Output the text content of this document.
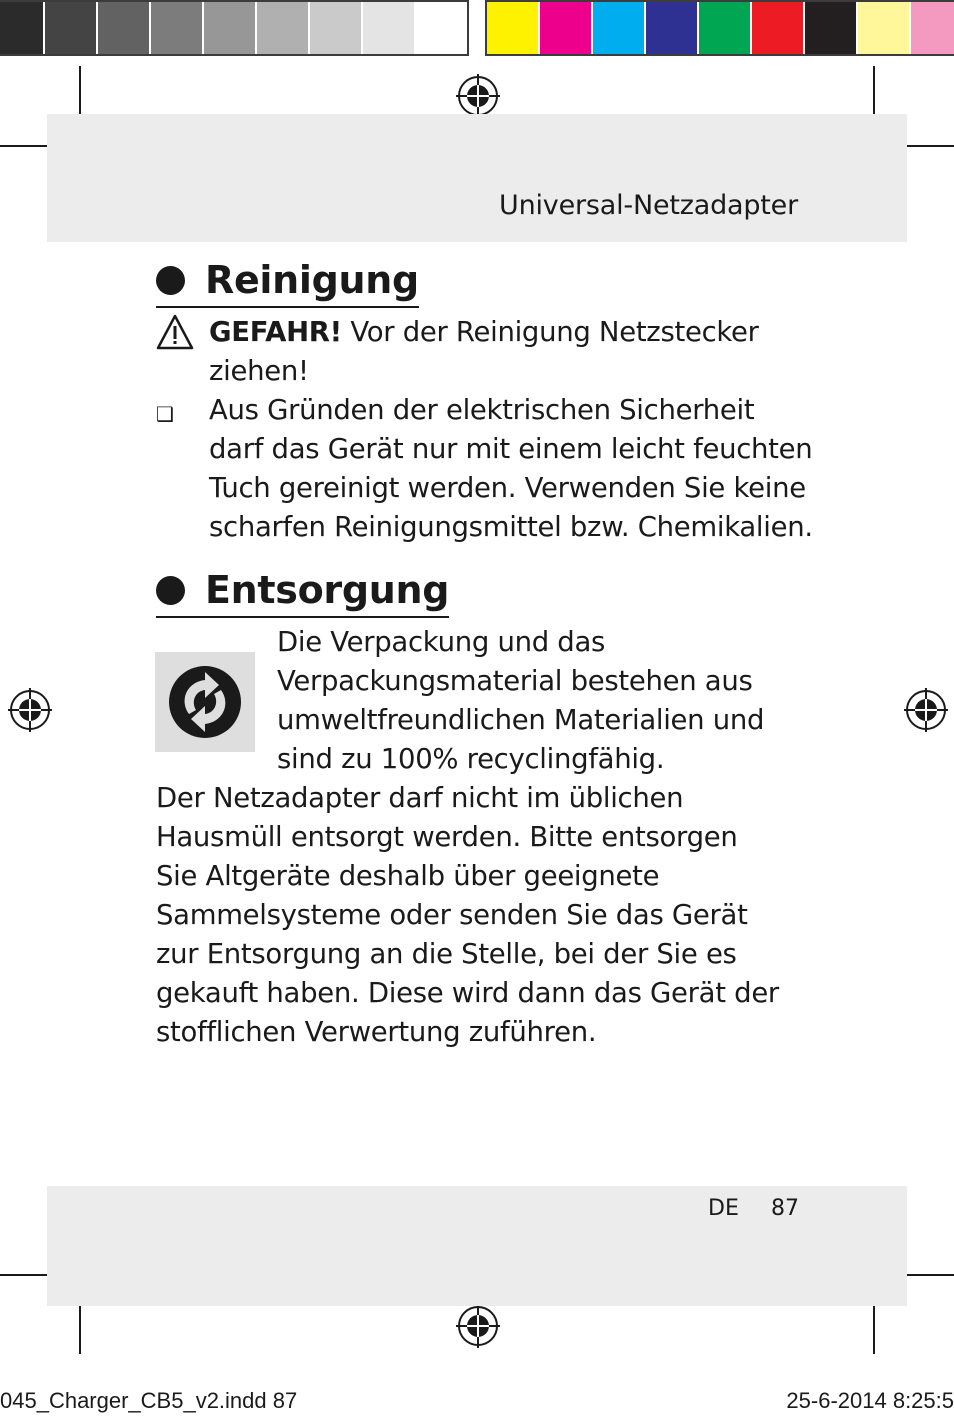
Universal-Netzadapter
Reinigung
GEFAHR! Vor der Reinigung Netzstecker
ziehen!
❑ Aus Gründen der elektrischen Sicherheit
darf das Gerät nur mit einem leicht feuchten
Tuch gereinigt werden. Verwenden Sie keine
scharfen Reinigungsmittel bzw. Chemikalien.
Entsorgung
Die Verpackung und das
Verpackungsmaterial bestehen aus
umweltfreundlichen Materialien und
sind zu 100% recyclingfähig.
Der Netzadapter darf nicht im üblichen
Hausmüll entsorgt werden. Bitte entsorgen
Sie Altgeräte deshalb über geeignete
Sammelsysteme oder senden Sie das Gerät
zur Entsorgung an die Stelle, bei der Sie es
gekauft haben. Diese wird dann das Gerät der
stofflichen Verwertung zuführen.
DE 87
045_Charger_CB5_v2.indd 87	25-6-2014 8:25:5
